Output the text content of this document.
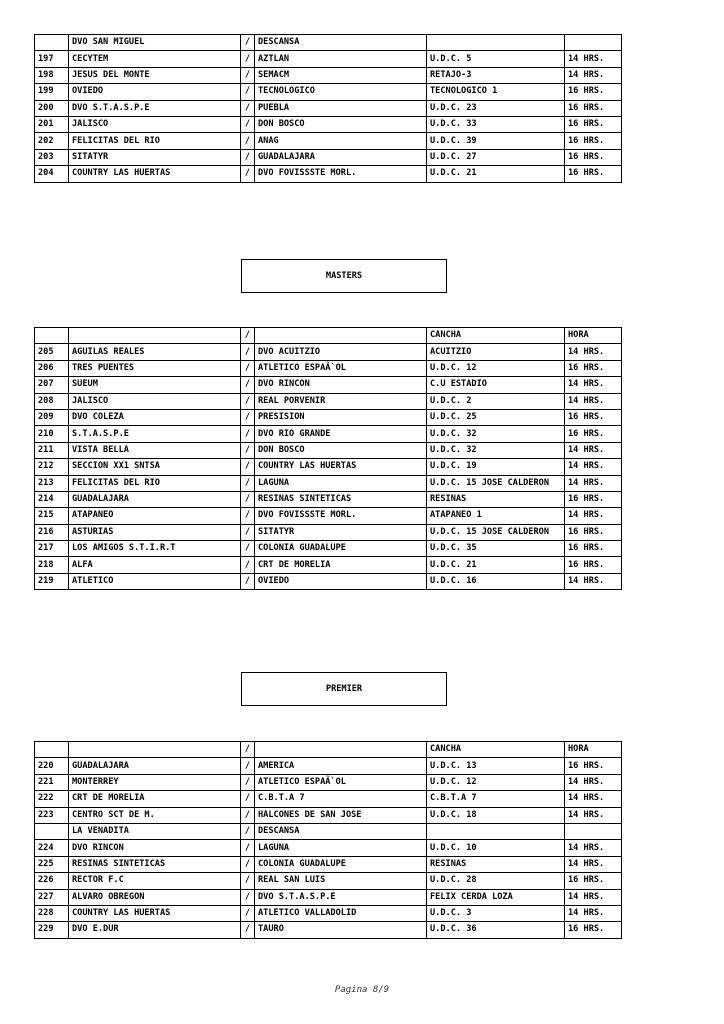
	DVO SAN MIGUEL	/	DESCANSA		
197	CECYTEM	/	AZTLAN	U.D.C. 5	14 HRS.
198	JESUS DEL MONTE	/	SEMACM	RETAJO-3	14 HRS.
199	OVIEDO	/	TECNOLOGICO	TECNOLOGICO 1	16 HRS.
200	DVO S.T.A.S.P.E	/	PUEBLA	U.D.C. 23	16 HRS.
201	JALISCO	/	DON BOSCO	U.D.C. 33	16 HRS.
202	FELICITAS DEL RIO	/	ANAG	U.D.C. 39	16 HRS.
203	SITATYR	/	GUADALAJARA	U.D.C. 27	16 HRS.
204	COUNTRY LAS HUERTAS	/	DVO FOVISSSTE MORL.	U.D.C. 21	16 HRS.
MASTERS
		/		CANCHA	HORA
205	AGUILAS REALES	/	DVO ACUITZIO	ACUITZIO	14 HRS.
206	TRES PUENTES	/	ATLETICO ESPAÃ`OL	U.D.C. 12	16 HRS.
207	SUEUM	/	DVO RINCON	C.U ESTADIO	14 HRS.
208	JALISCO	/	REAL PORVENIR	U.D.C. 2	14 HRS.
209	DVO COLEZA	/	PRESISION	U.D.C. 25	16 HRS.
210	S.T.A.S.P.E	/	DVO RIO GRANDE	U.D.C. 32	16 HRS.
211	VISTA BELLA	/	DON BOSCO	U.D.C. 32	14 HRS.
212	SECCION XX1 SNTSA	/	COUNTRY LAS HUERTAS	U.D.C. 19	14 HRS.
213	FELICITAS DEL RIO	/	LAGUNA	U.D.C. 15 JOSE CALDERON	14 HRS.
214	GUADALAJARA	/	RESINAS SINTETICAS	RESINAS	16 HRS.
215	ATAPANEO	/	DVO FOVISSSTE MORL.	ATAPANEO 1	14 HRS.
216	ASTURIAS	/	SITATYR	U.D.C. 15 JOSE CALDERON	16 HRS.
217	LOS AMIGOS S.T.I.R.T	/	COLONIA GUADALUPE	U.D.C. 35	16 HRS.
218	ALFA	/	CRT DE MORELIA	U.D.C. 21	16 HRS.
219	ATLETICO	/	OVIEDO	U.D.C. 16	14 HRS.
PREMIER
		/		CANCHA	HORA
220	GUADALAJARA	/	AMERICA	U.D.C. 13	16 HRS.
221	MONTERREY	/	ATLETICO ESPAÃ`OL	U.D.C. 12	14 HRS.
222	CRT DE MORELIA	/	C.B.T.A 7	C.B.T.A 7	14 HRS.
223	CENTRO SCT DE M.	/	HALCONES DE SAN JOSE	U.D.C. 18	14 HRS.
	LA VENADITA	/	DESCANSA		
224	DVO RINCON	/	LAGUNA	U.D.C. 10	14 HRS.
225	RESINAS SINTETICAS	/	COLONIA GUADALUPE	RESINAS	14 HRS.
226	RECTOR F.C	/	REAL SAN LUIS	U.D.C. 28	16 HRS.
227	ALVARO OBREGON	/	DVO S.T.A.S.P.E	FELIX CERDA LOZA	14 HRS.
228	COUNTRY LAS HUERTAS	/	ATLETICO VALLADOLID	U.D.C. 3	14 HRS.
229	DVO E.DUR	/	TAURO	U.D.C. 36	16 HRS.
Pagina 8/9
